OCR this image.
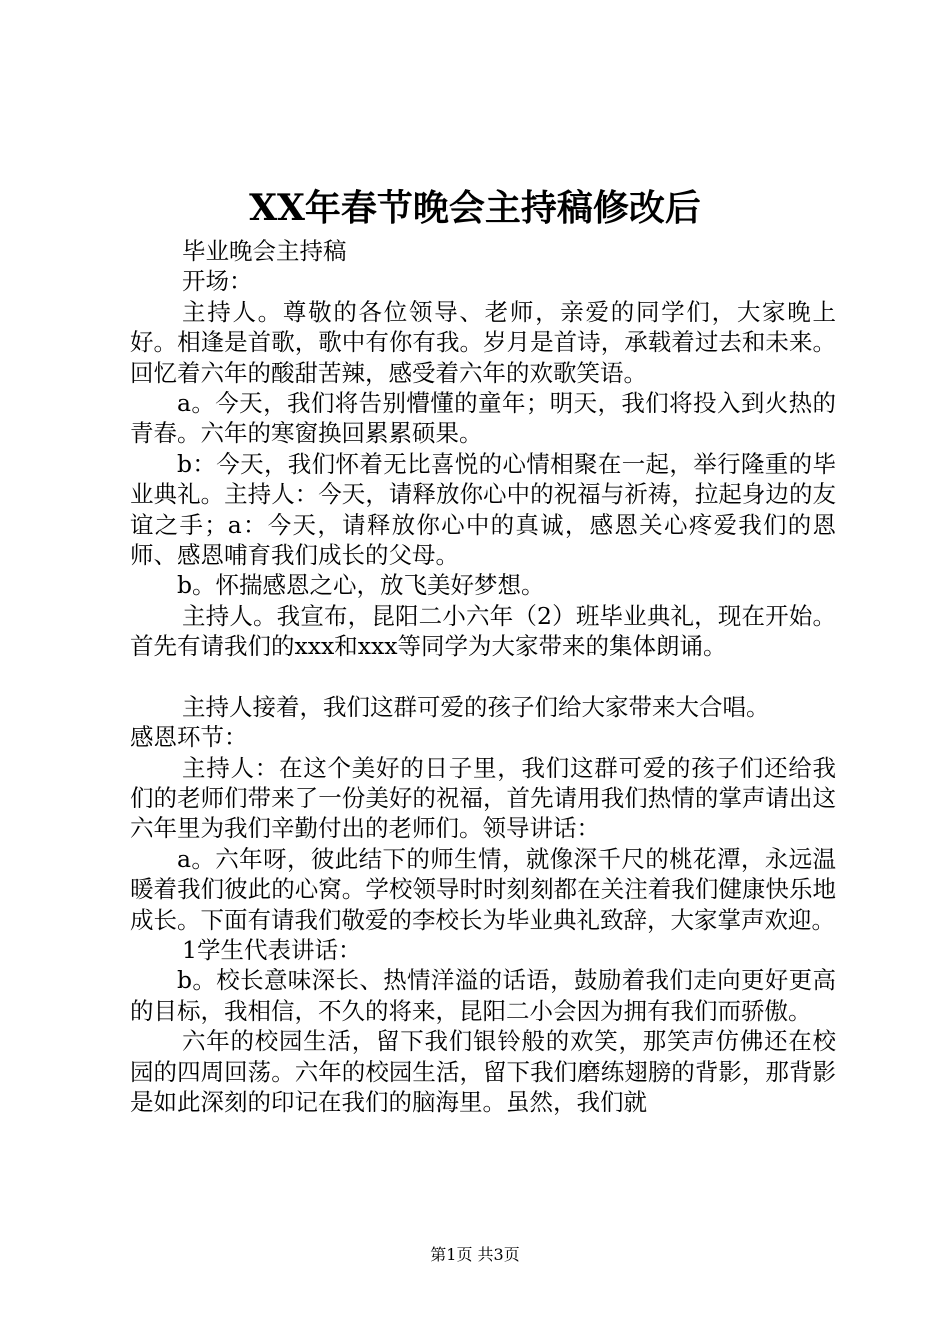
XX年春节晚会主持稿修改后

毕业晚会主持稿

开场：

主持人。尊敬的各位领导、老师，亲爱的同学们，大家晚上好。相逢是首歌，歌中有你有我。岁月是首诗，承载着过去和未来。回忆着六年的酸甜苦辣，感受着六年的欢歌笑语。

a。今天，我们将告别懵懂的童年；明天，我们将投入到火热的青春。六年的寒窗换回累累硕果。

b：今天，我们怀着无比喜悦的心情相聚在一起，举行隆重的毕业典礼。主持人：今天，请释放你心中的祝福与祈祷，拉起身边的友谊之手；a：今天，请释放你心中的真诚，感恩关心疼爱我们的恩师、感恩哺育我们成长的父母。

b。怀揣感恩之心，放飞美好梦想。

主持人。我宣布，昆阳二小六年（2）班毕业典礼，现在开始。首先有请我们的xxx和xxx等同学为大家带来的集体朗诵。

主持人接着，我们这群可爱的孩子们给大家带来大合唱。

感恩环节：

主持人：在这个美好的日子里，我们这群可爱的孩子们还给我们的老师们带来了一份美好的祝福，首先请用我们热情的掌声请出这六年里为我们辛勤付出的老师们。领导讲话：

a。六年呀，彼此结下的师生情，就像深千尺的桃花潭，永远温暖着我们彼此的心窝。学校领导时时刻刻都在关注着我们健康快乐地成长。下面有请我们敬爱的李校长为毕业典礼致辞，大家掌声欢迎。

1学生代表讲话：

b。校长意味深长、热情洋溢的话语，鼓励着我们走向更好更高的目标，我相信，不久的将来，昆阳二小会因为拥有我们而骄傲。

六年的校园生活，留下我们银铃般的欢笑，那笑声仿佛还在校园的四周回荡。六年的校园生活，留下我们磨练翅膀的背影，那背影是如此深刻的印记在我们的脑海里。虽然，我们就

第1页 共3页
